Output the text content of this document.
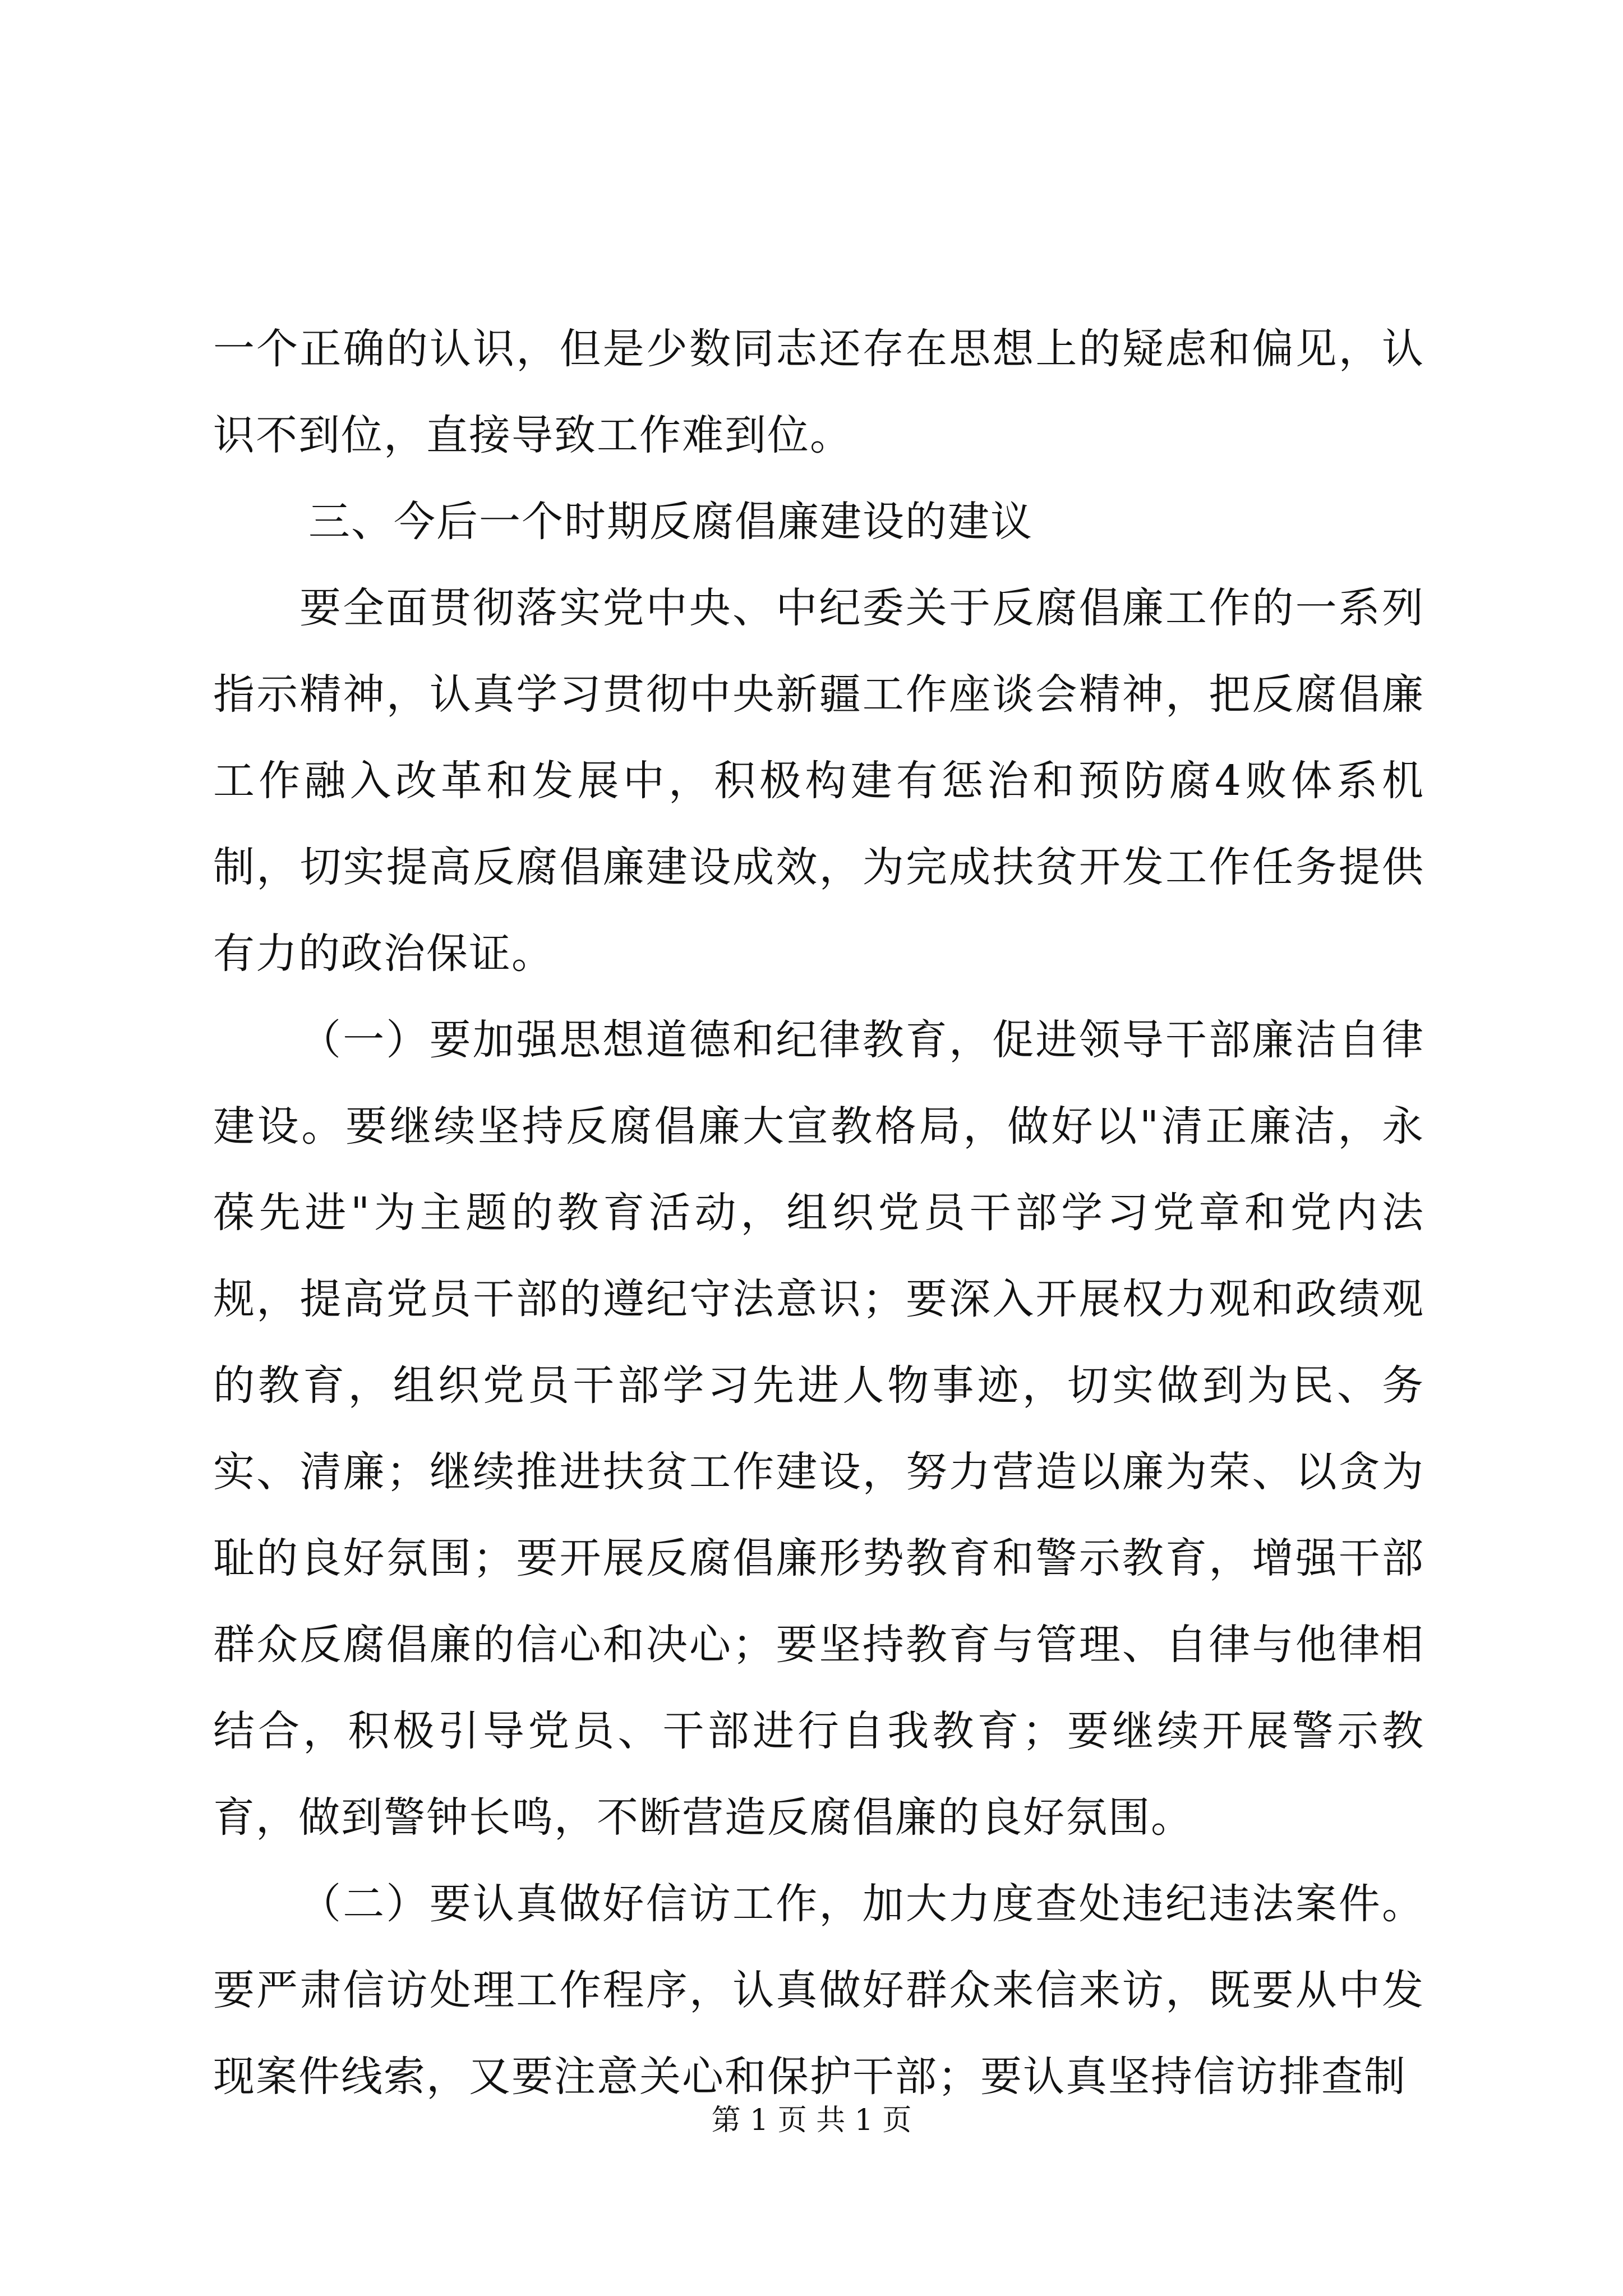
一个正确的认识，但是少数同志还存在思想上的疑虑和偏见，认识不到位，直接导致工作难到位。

三、今后一个时期反腐倡廉建设的建议

要全面贯彻落实党中央、中纪委关于反腐倡廉工作的一系列指示精神，认真学习贯彻中央新疆工作座谈会精神，把反腐倡廉工作融入改革和发展中，积极构建有惩治和预防腐4败体系机制，切实提高反腐倡廉建设成效，为完成扶贫开发工作任务提供有力的政治保证。

（一）要加强思想道德和纪律教育，促进领导干部廉洁自律建设。要继续坚持反腐倡廉大宣教格局，做好以"清正廉洁，永葆先进"为主题的教育活动，组织党员干部学习党章和党内法规，提高党员干部的遵纪守法意识；要深入开展权力观和政绩观的教育，组织党员干部学习先进人物事迹，切实做到为民、务实、清廉；继续推进扶贫工作建设，努力营造以廉为荣、以贪为耻的良好氛围；要开展反腐倡廉形势教育和警示教育，增强干部群众反腐倡廉的信心和决心；要坚持教育与管理、自律与他律相结合，积极引导党员、干部进行自我教育；要继续开展警示教育，做到警钟长鸣，不断营造反腐倡廉的良好氛围。

（二）要认真做好信访工作，加大力度查处违纪违法案件。要严肃信访处理工作程序，认真做好群众来信来访，既要从中发现案件线索，又要注意关心和保护干部；要认真坚持信访排查制

第 1 页 共 1 页
